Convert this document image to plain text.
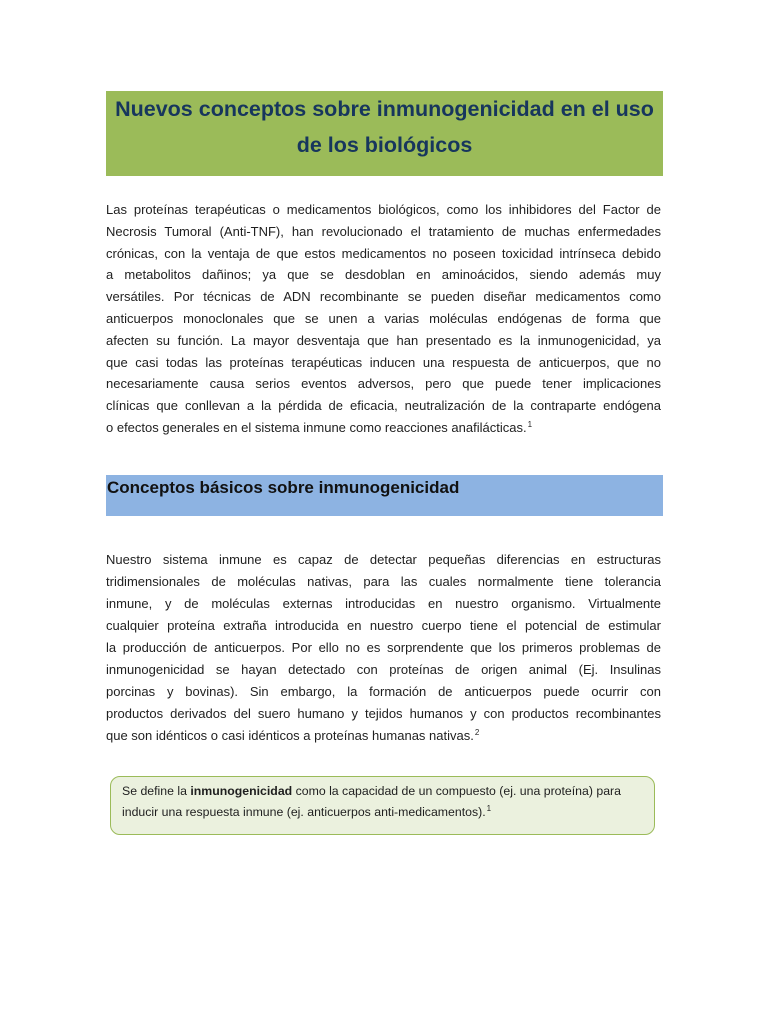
Nuevos conceptos sobre inmunogenicidad en el uso
de los biológicos
Las proteínas terapéuticas o medicamentos biológicos, como los inhibidores del Factor de
Necrosis Tumoral (Anti-TNF), han revolucionado el tratamiento de muchas enfermedades
crónicas, con la ventaja de que estos medicamentos no poseen toxicidad intrínseca debido
a metabolitos dañinos; ya que se desdoblan en aminoácidos, siendo además muy
versátiles. Por técnicas de ADN recombinante se pueden diseñar medicamentos como
anticuerpos monoclonales que se unen a varias moléculas endógenas de forma que
afecten su función. La mayor desventaja que han presentado es la inmunogenicidad, ya
que casi todas las proteínas terapéuticas inducen una respuesta de anticuerpos, que no
necesariamente causa serios eventos adversos, pero que puede tener implicaciones
clínicas que conllevan a la pérdida de eficacia, neutralización de la contraparte endógena
o efectos generales en el sistema inmune como reacciones anafilácticas.$^1$
Conceptos básicos sobre inmunogenicidad
Nuestro sistema inmune es capaz de detectar pequeñas diferencias en estructuras
tridimensionales de moléculas nativas, para las cuales normalmente tiene tolerancia
inmune, y de moléculas externas introducidas en nuestro organismo. Virtualmente
cualquier proteína extraña introducida en nuestro cuerpo tiene el potencial de estimular
la producción de anticuerpos. Por ello no es sorprendente que los primeros problemas de
inmunogenicidad se hayan detectado con proteínas de origen animal (Ej. Insulinas
porcinas y bovinas). Sin embargo, la formación de anticuerpos puede ocurrir con
productos derivados del suero humano y tejidos humanos y con productos recombinantes
que son idénticos o casi idénticos a proteínas humanas nativas.$^2$
Se define la inmunogenicidad como la capacidad de un compuesto (ej. una proteína) para
inducir una respuesta inmune (ej. anticuerpos anti-medicamentos).$^1$
